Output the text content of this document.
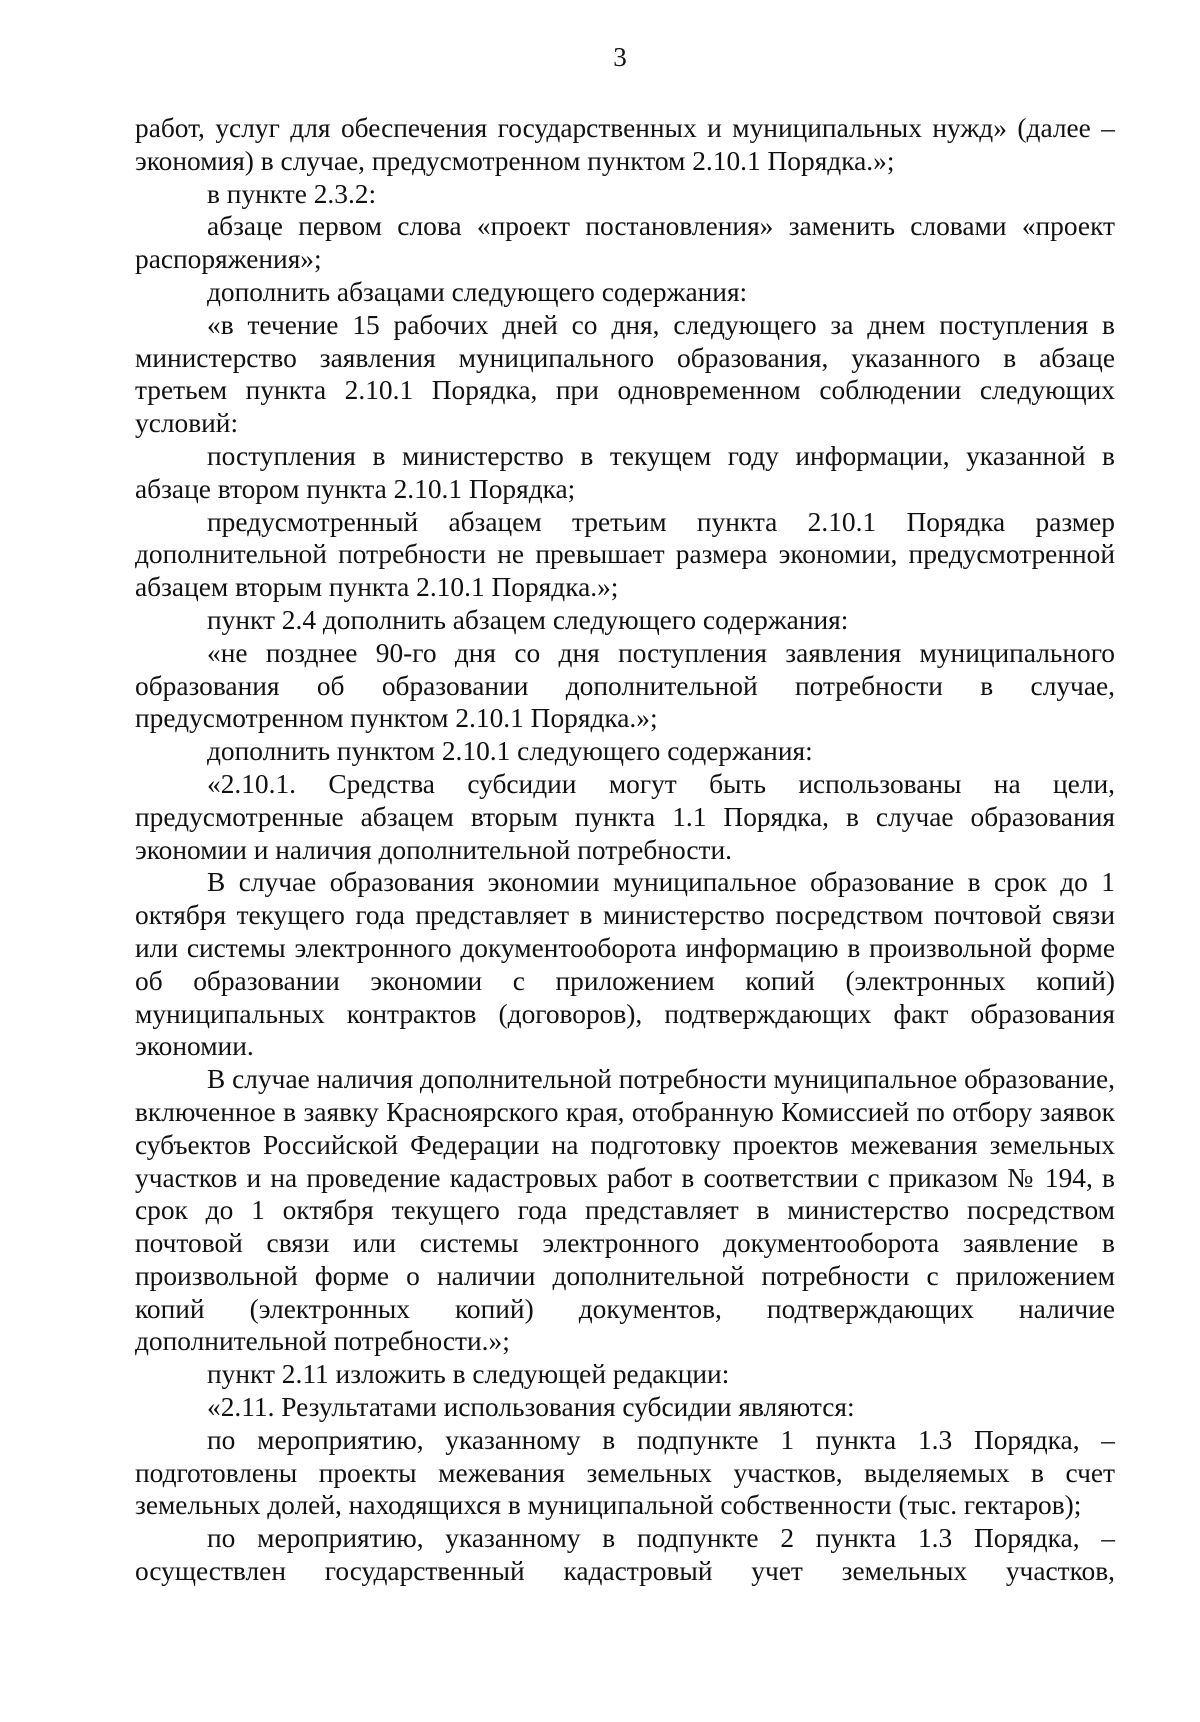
3

работ, услуг для обеспечения государственных и муниципальных нужд» (далее – экономия) в случае, предусмотренном пунктом 2.10.1 Порядка.»;

в пункте 2.3.2:

абзаце первом слова «проект постановления» заменить словами «проект распоряжения»;

дополнить абзацами следующего содержания:

«в течение 15 рабочих дней со дня, следующего за днем поступления в министерство заявления муниципального образования, указанного в абзаце третьем пункта 2.10.1 Порядка, при одновременном соблюдении следующих условий:

поступления в министерство в текущем году информации, указанной в абзаце втором пункта 2.10.1 Порядка;

предусмотренный абзацем третьим пункта 2.10.1 Порядка размер дополнительной потребности не превышает размера экономии, предусмотренной абзацем вторым пункта 2.10.1 Порядка.»;

пункт 2.4 дополнить абзацем следующего содержания:

«не позднее 90-го дня со дня поступления заявления муниципального образования об образовании дополнительной потребности в случае, предусмотренном пунктом 2.10.1 Порядка.»;

дополнить пунктом 2.10.1 следующего содержания:

«2.10.1. Средства субсидии могут быть использованы на цели, предусмотренные абзацем вторым пункта 1.1 Порядка, в случае образования экономии и наличия дополнительной потребности.

В случае образования экономии муниципальное образование в срок до 1 октября текущего года представляет в министерство посредством почтовой связи или системы электронного документооборота информацию в произвольной форме об образовании экономии с приложением копий (электронных копий) муниципальных контрактов (договоров), подтверждающих факт образования экономии.

В случае наличия дополнительной потребности муниципальное образование, включенное в заявку Красноярского края, отобранную Комиссией по отбору заявок субъектов Российской Федерации на подготовку проектов межевания земельных участков и на проведение кадастровых работ в соответствии с приказом № 194, в срок до 1 октября текущего года представляет в министерство посредством почтовой связи или системы электронного документооборота заявление в произвольной форме о наличии дополнительной потребности с приложением копий (электронных копий) документов, подтверждающих наличие дополнительной потребности.»;

пункт 2.11 изложить в следующей редакции:

«2.11. Результатами использования субсидии являются:

по мероприятию, указанному в подпункте 1 пункта 1.3 Порядка, – подготовлены проекты межевания земельных участков, выделяемых в счет земельных долей, находящихся в муниципальной собственности (тыс. гектаров);

по мероприятию, указанному в подпункте 2 пункта 1.3 Порядка, – осуществлен государственный кадастровый учет земельных участков,
